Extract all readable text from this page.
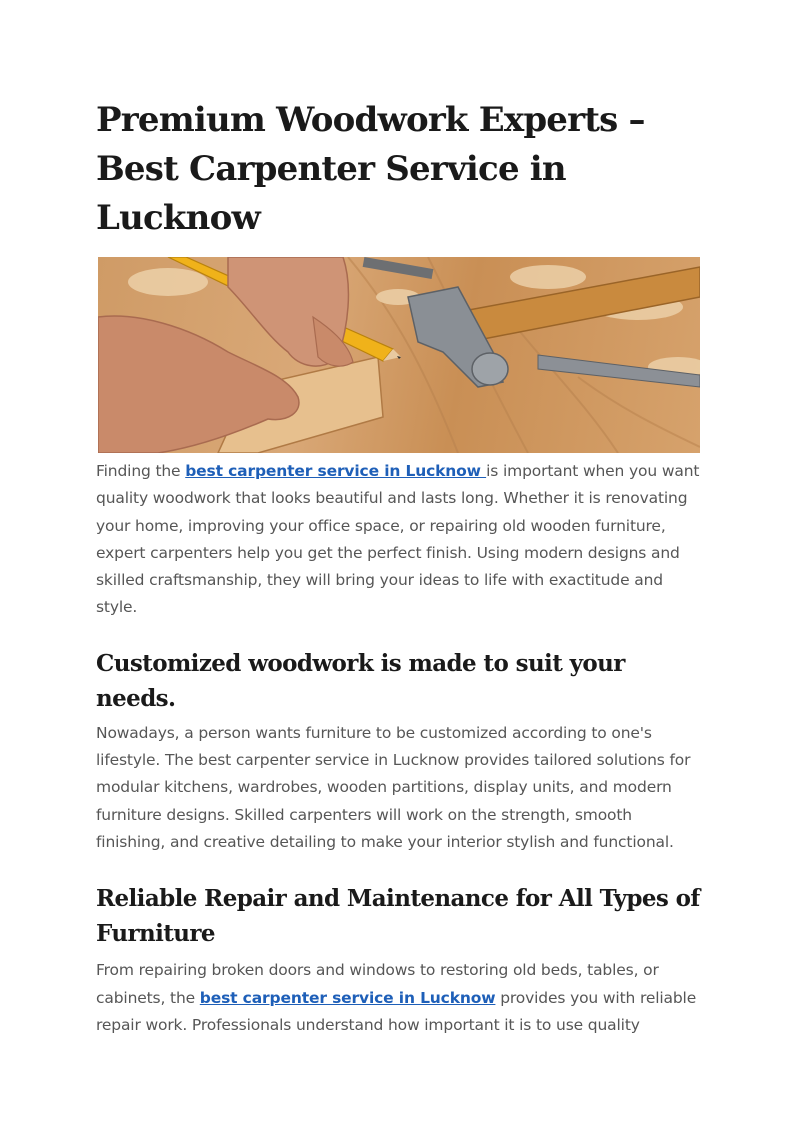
Premium Woodwork Experts – Best Carpenter Service in Lucknow

Finding the best carpenter service in Lucknow is important when you want quality woodwork that looks beautiful and lasts long. Whether it is renovating your home, improving your office space, or repairing old wooden furniture, expert carpenters help you get the perfect finish. Using modern designs and skilled craftsmanship, they will bring your ideas to life with exactitude and style.

Customized woodwork is made to suit your needs.

Nowadays, a person wants furniture to be customized according to one's lifestyle. The best carpenter service in Lucknow provides tailored solutions for modular kitchens, wardrobes, wooden partitions, display units, and modern furniture designs. Skilled carpenters will work on the strength, smooth finishing, and creative detailing to make your interior stylish and functional.

Reliable Repair and Maintenance for All Types of Furniture

From repairing broken doors and windows to restoring old beds, tables, or cabinets, the best carpenter service in Lucknow provides you with reliable repair work. Professionals understand how important it is to use quality
